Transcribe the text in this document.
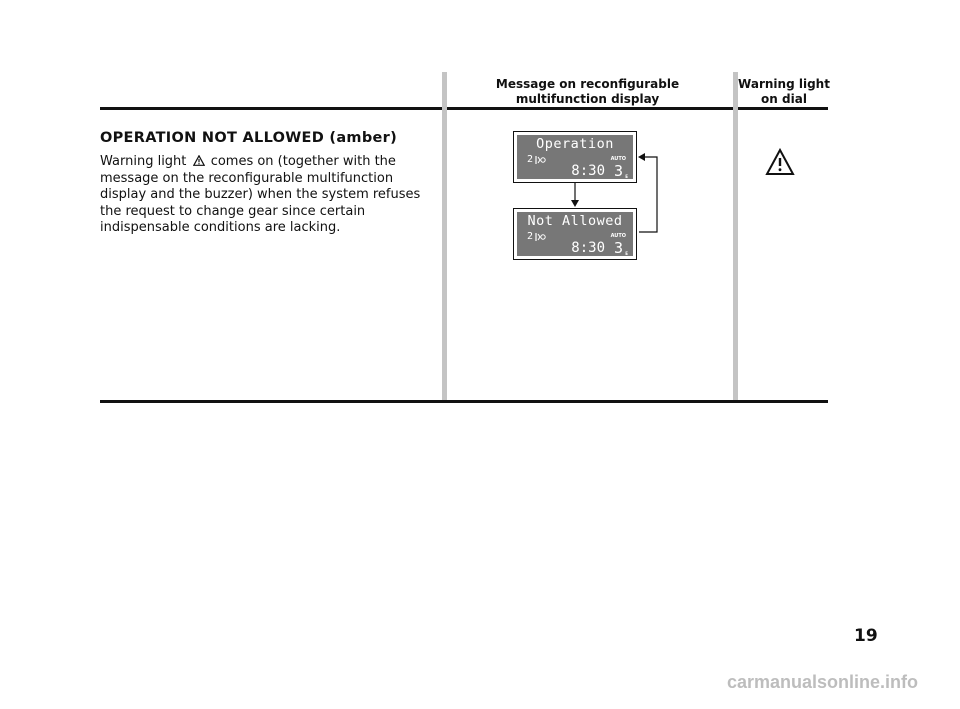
Message on reconfigurable multifunction display
Warning light on dial
OPERATION NOT ALLOWED (amber)
Warning light comes on (together with the message on the reconfigurable multifunction display and the buzzer) when the system refuses the request to change gear since certain indispensable conditions are lacking.
Operation
2	AUTO
8:30 3 E
Not Allowed
2	AUTO
8:30 3 E
19
carmanualsonline.info
